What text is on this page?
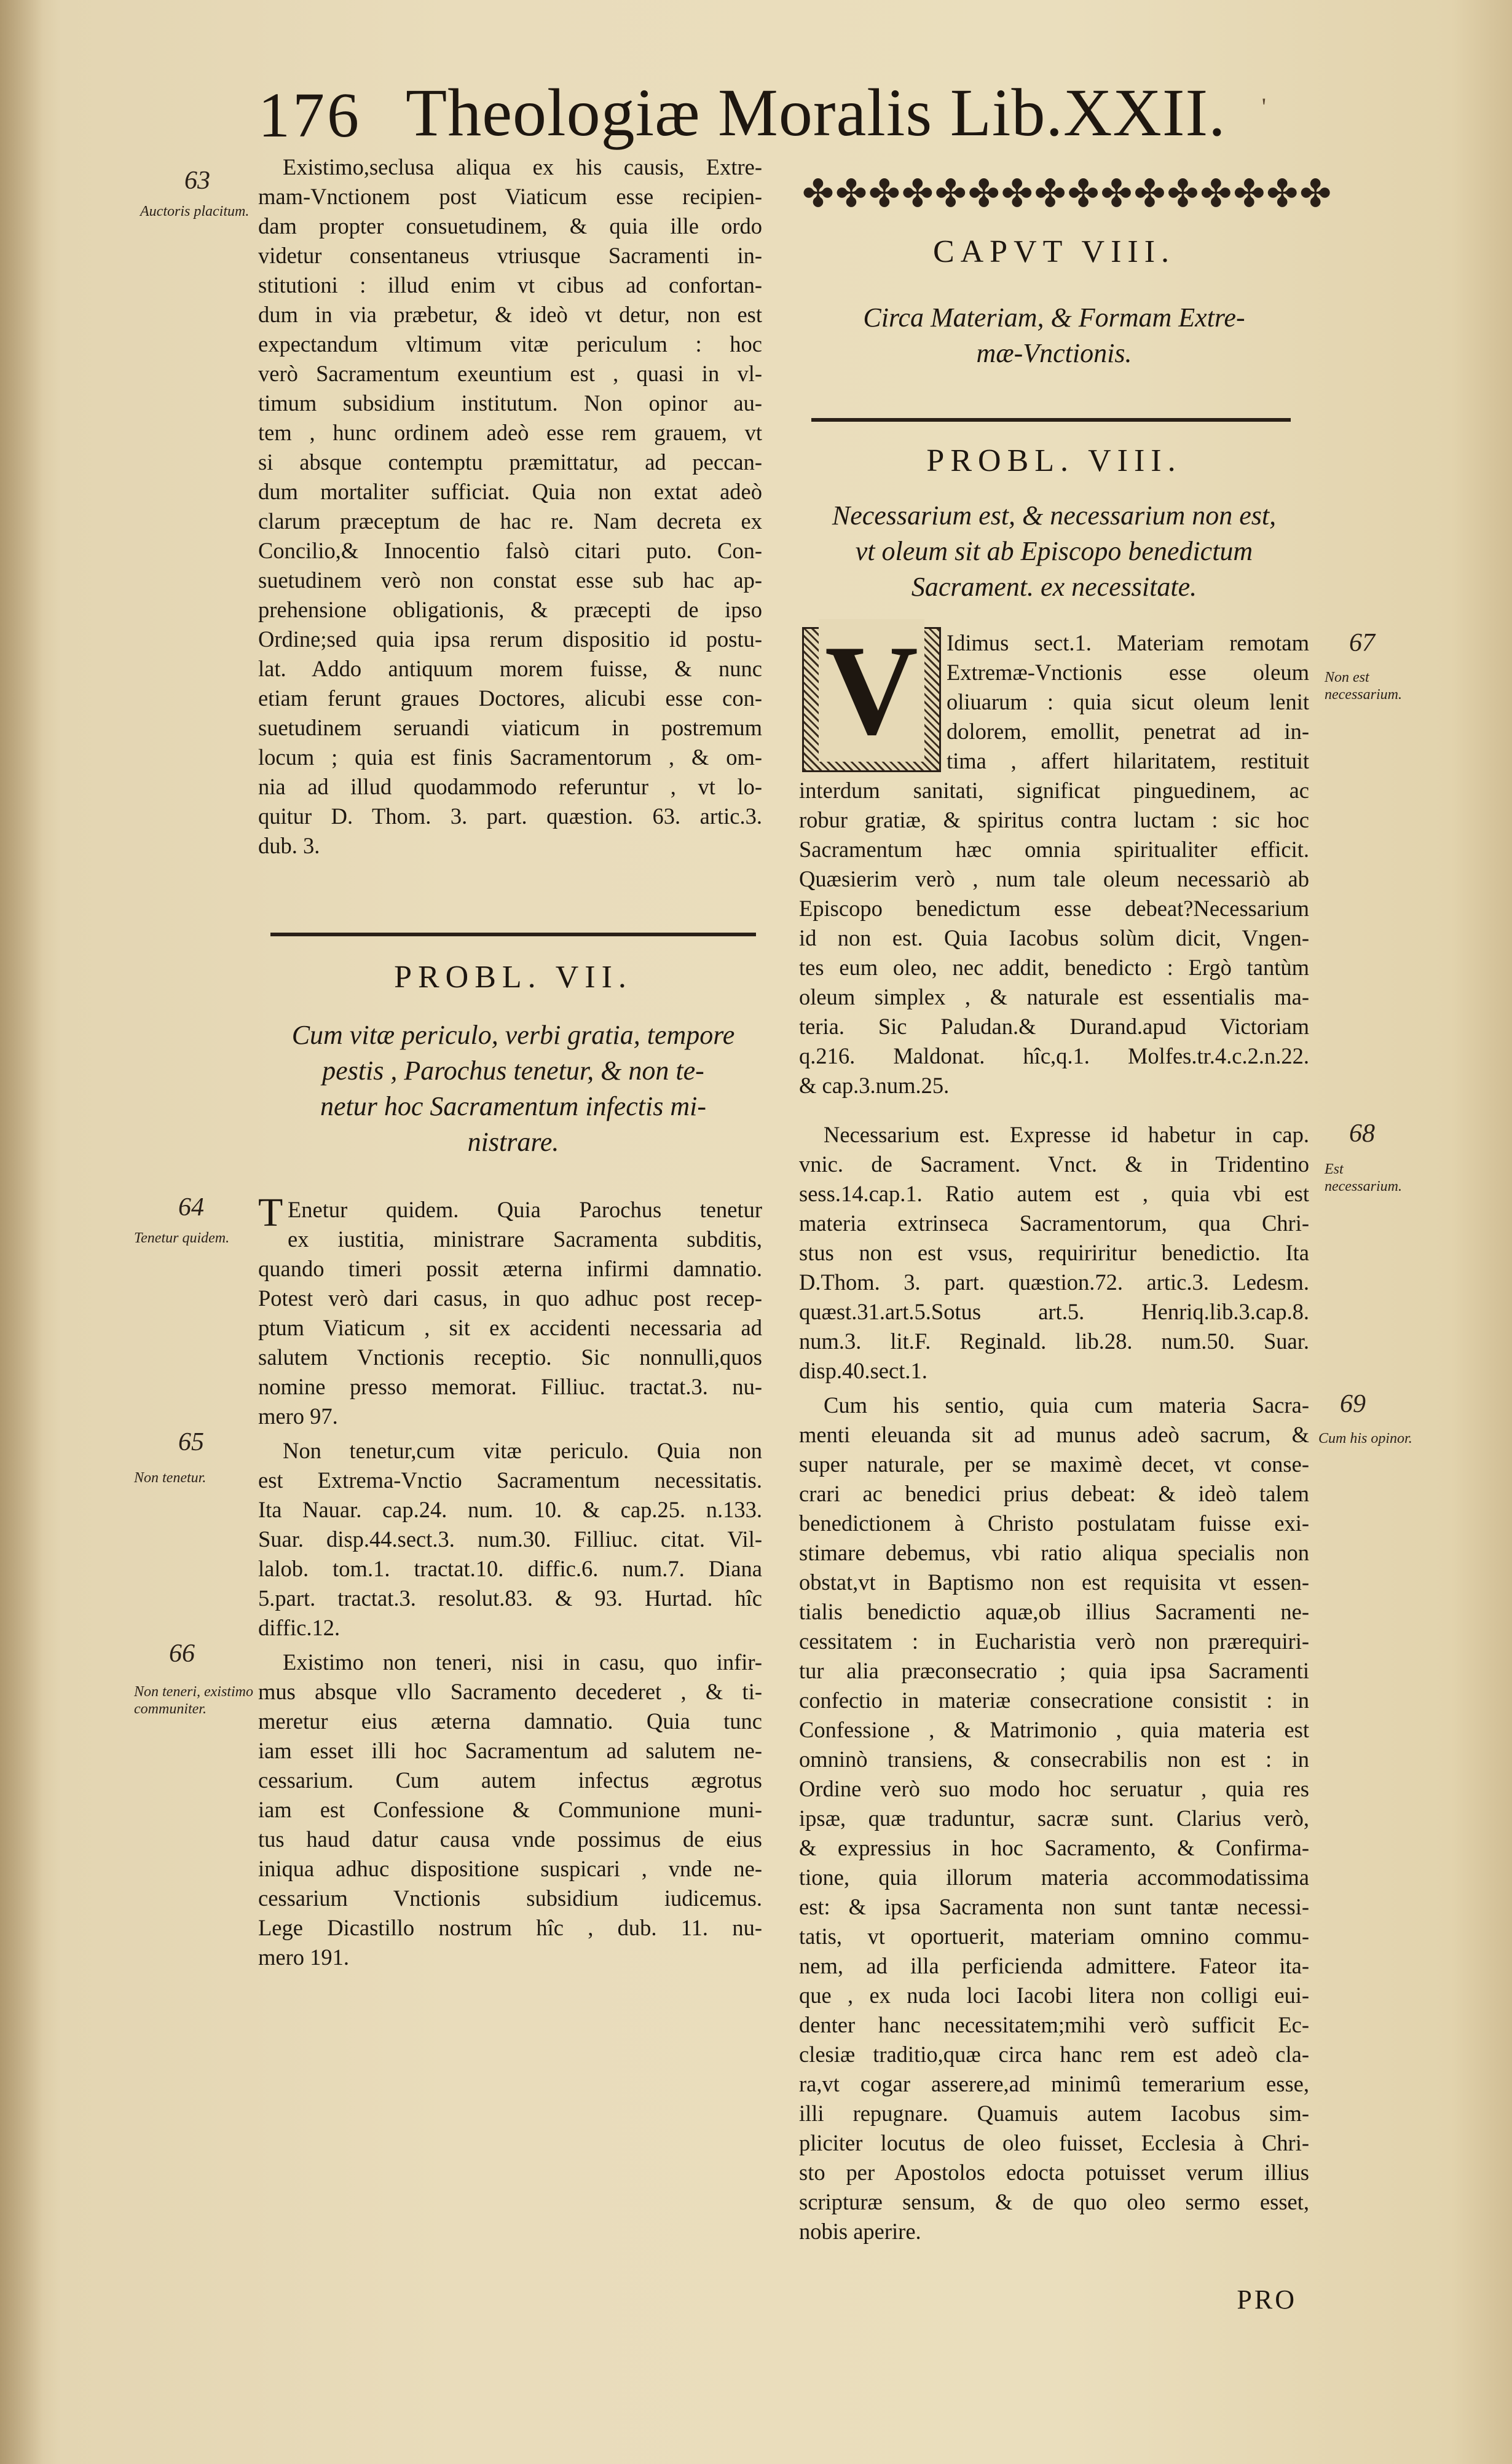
176 Theologiæ Moralis Lib.XXII. '
63
Auctoris placitum.
Existimo,seclusa aliqua ex his causis, Extre-
mam-Vnctionem post Viaticum esse recipien-
dam propter consuetudinem, & quia ille ordo
videtur consentaneus vtriusque Sacramenti in-
stitutioni : illud enim vt cibus ad confortan-
dum in via præbetur, & ideò vt detur, non est
expectandum vltimum vitæ periculum : hoc
verò Sacramentum exeuntium est , quasi in vl-
timum subsidium institutum. Non opinor au-
tem , hunc ordinem adeò esse rem grauem, vt
si absque contemptu præmittatur, ad peccan-
dum mortaliter sufficiat. Quia non extat adeò
clarum præceptum de hac re. Nam decreta ex
Concilio,& Innocentio falsò citari puto. Con-
suetudinem verò non constat esse sub hac ap-
prehensione obligationis, & præcepti de ipso
Ordine;sed quia ipsa rerum dispositio id postu-
lat. Addo antiquum morem fuisse, & nunc
etiam ferunt graues Doctores, alicubi esse con-
suetudinem seruandi viaticum in postremum
locum ; quia est finis Sacramentorum , & om-
nia ad illud quodammodo referuntur , vt lo-
quitur D. Thom. 3. part. quæstion. 63. artic.3.
dub. 3.
PROBL. VII.
Cum vitæ periculo, verbi gratia, tempore
pestis , Parochus tenetur, & non te-
netur hoc Sacramentum infectis mi-
nistrare.
64
Tenetur quidem.
T Enetur quidem. Quia Parochus tenetur
ex iustitia, ministrare Sacramenta subditis,
quando timeri possit æterna infirmi damnatio.
Potest verò dari casus, in quo adhuc post recep-
ptum Viaticum , sit ex accidenti necessaria ad
salutem Vnctionis receptio. Sic nonnulli,quos
nomine presso memorat. Filliuc. tractat.3. nu-
mero 97.
65
Non tenetur.
Non tenetur,cum vitæ periculo. Quia non
est Extrema-Vnctio Sacramentum necessitatis.
Ita Nauar. cap.24. num. 10. & cap.25. n.133.
Suar. disp.44.sect.3. num.30. Filliuc. citat. Vil-
lalob. tom.1. tractat.10. diffic.6. num.7. Diana
5.part. tractat.3. resolut.83. & 93. Hurtad. hîc
diffic.12.
66
Non teneri, existimo communiter.
Existimo non teneri, nisi in casu, quo infir-
mus absque vllo Sacramento decederet , & ti-
meretur eius æterna damnatio. Quia tunc
iam esset illi hoc Sacramentum ad salutem ne-
cessarium. Cum autem infectus ægrotus
iam est Confessione & Communione muni-
tus haud datur causa vnde possimus de eius
iniqua adhuc dispositione suspicari , vnde ne-
cessarium Vnctionis subsidium iudicemus.
Lege Dicastillo nostrum hîc , dub. 11. nu-
mero 191.
✤✤✤✤✤✤✤✤✤✤✤✤✤✤✤✤
CAPVT VIII.
Circa Materiam, & Formam Extre-
mæ-Vnctionis.
PROBL. VIII.
Necessarium est, & necessarium non est,
vt oleum sit ab Episcopo benedictum
Sacrament. ex necessitate.
V	67
Non est necessarium.
Idimus sect.1. Materiam remotam
Extremæ-Vnctionis esse oleum
oliuarum : quia sicut oleum lenit
dolorem, emollit, penetrat ad in-
tima , affert hilaritatem, restituit
interdum sanitati, significat pinguedinem, ac
robur gratiæ, & spiritus contra luctam : sic hoc
Sacramentum hæc omnia spiritualiter efficit.
Quæsierim verò , num tale oleum necessariò ab
Episcopo benedictum esse debeat?Necessarium
id non est. Quia Iacobus solùm dicit, Vngen-
tes eum oleo, nec addit, benedicto : Ergò tantùm
oleum simplex , & naturale est essentialis ma-
teria. Sic Paludan.& Durand.apud Victoriam
q.216. Maldonat. hîc,q.1. Molfes.tr.4.c.2.n.22.
& cap.3.num.25.
68
Est necessarium.
Necessarium est. Expresse id habetur in cap.
vnic. de Sacrament. Vnct. & in Tridentino
sess.14.cap.1. Ratio autem est , quia vbi est
materia extrinseca Sacramentorum, qua Chri-
stus non est vsus, requiriritur benedictio. Ita
D.Thom. 3. part. quæstion.72. artic.3. Ledesm.
quæst.31.art.5.Sotus art.5. Henriq.lib.3.cap.8.
num.3. lit.F. Reginald. lib.28. num.50. Suar.
disp.40.sect.1.
69
Cum his opinor.
Cum his sentio, quia cum materia Sacra-
menti eleuanda sit ad munus adeò sacrum, &
super naturale, per se maximè decet, vt conse-
crari ac benedici prius debeat: & ideò talem
benedictionem à Christo postulatam fuisse exi-
stimare debemus, vbi ratio aliqua specialis non
obstat,vt in Baptismo non est requisita vt essen-
tialis benedictio aquæ,ob illius Sacramenti ne-
cessitatem : in Eucharistia verò non prærequiri-
tur alia præconsecratio ; quia ipsa Sacramenti
confectio in materiæ consecratione consistit : in
Confessione , & Matrimonio , quia materia est
omninò transiens, & consecrabilis non est : in
Ordine verò suo modo hoc seruatur , quia res
ipsæ, quæ traduntur, sacræ sunt. Clarius verò,
& expressius in hoc Sacramento, & Confirma-
tione, quia illorum materia accommodatissima
est: & ipsa Sacramenta non sunt tantæ necessi-
tatis, vt oportuerit, materiam omnino commu-
nem, ad illa perficienda admittere. Fateor ita-
que , ex nuda loci Iacobi litera non colligi eui-
denter hanc necessitatem;mihi verò sufficit Ec-
clesiæ traditio,quæ circa hanc rem est adeò cla-
ra,vt cogar asserere,ad minimû temerarium esse,
illi repugnare. Quamuis autem Iacobus sim-
pliciter locutus de oleo fuisset, Ecclesia à Chri-
sto per Apostolos edocta potuisset verum illius
scripturæ sensum, & de quo oleo sermo esset,
nobis aperire.
PRO
